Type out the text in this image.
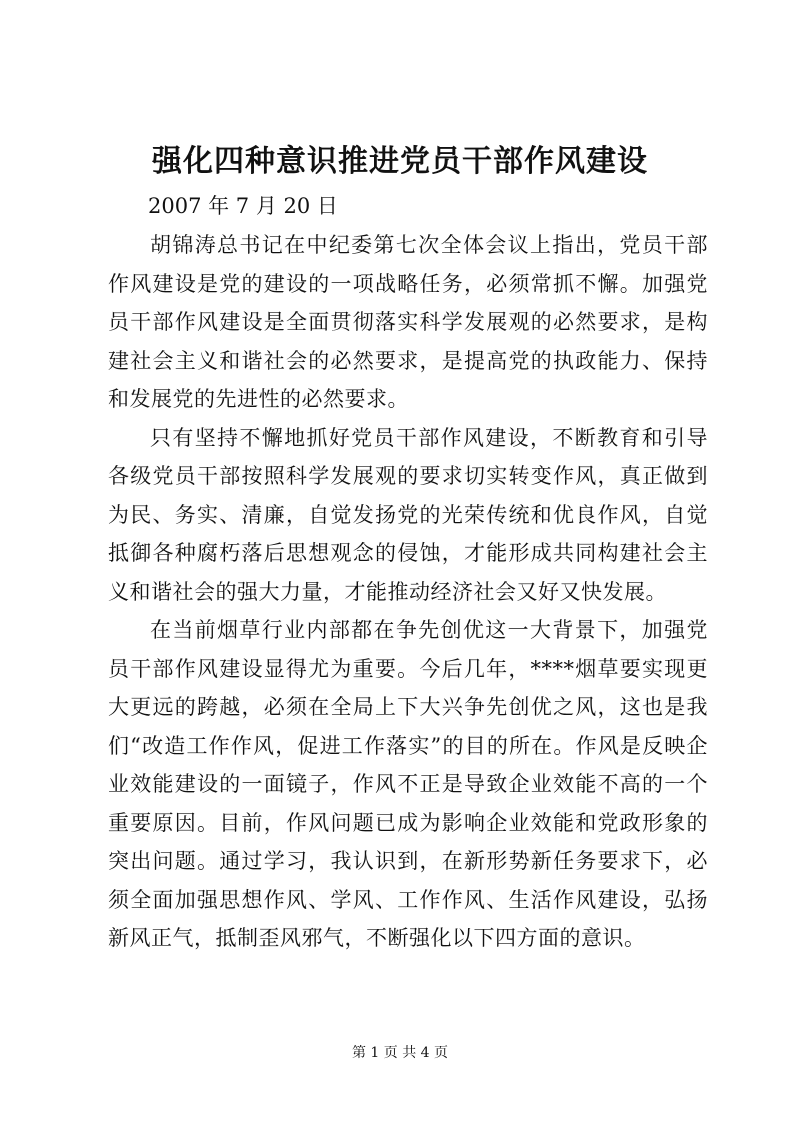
强化四种意识推进党员干部作风建设

2007 年 7 月 20 日

胡锦涛总书记在中纪委第七次全体会议上指出，党员干部作风建设是党的建设的一项战略任务，必须常抓不懈。加强党员干部作风建设是全面贯彻落实科学发展观的必然要求，是构建社会主义和谐社会的必然要求，是提高党的执政能力、保持和发展党的先进性的必然要求。

只有坚持不懈地抓好党员干部作风建设，不断教育和引导各级党员干部按照科学发展观的要求切实转变作风，真正做到为民、务实、清廉，自觉发扬党的光荣传统和优良作风，自觉抵御各种腐朽落后思想观念的侵蚀，才能形成共同构建社会主义和谐社会的强大力量，才能推动经济社会又好又快发展。

在当前烟草行业内部都在争先创优这一大背景下，加强党员干部作风建设显得尤为重要。今后几年，****烟草要实现更大更远的跨越，必须在全局上下大兴争先创优之风，这也是我们“改造工作作风，促进工作落实”的目的所在。作风是反映企业效能建设的一面镜子，作风不正是导致企业效能不高的一个重要原因。目前，作风问题已成为影响企业效能和党政形象的突出问题。通过学习，我认识到，在新形势新任务要求下，必须全面加强思想作风、学风、工作作风、生活作风建设，弘扬新风正气，抵制歪风邪气，不断强化以下四方面的意识。

第 1 页 共 4 页
